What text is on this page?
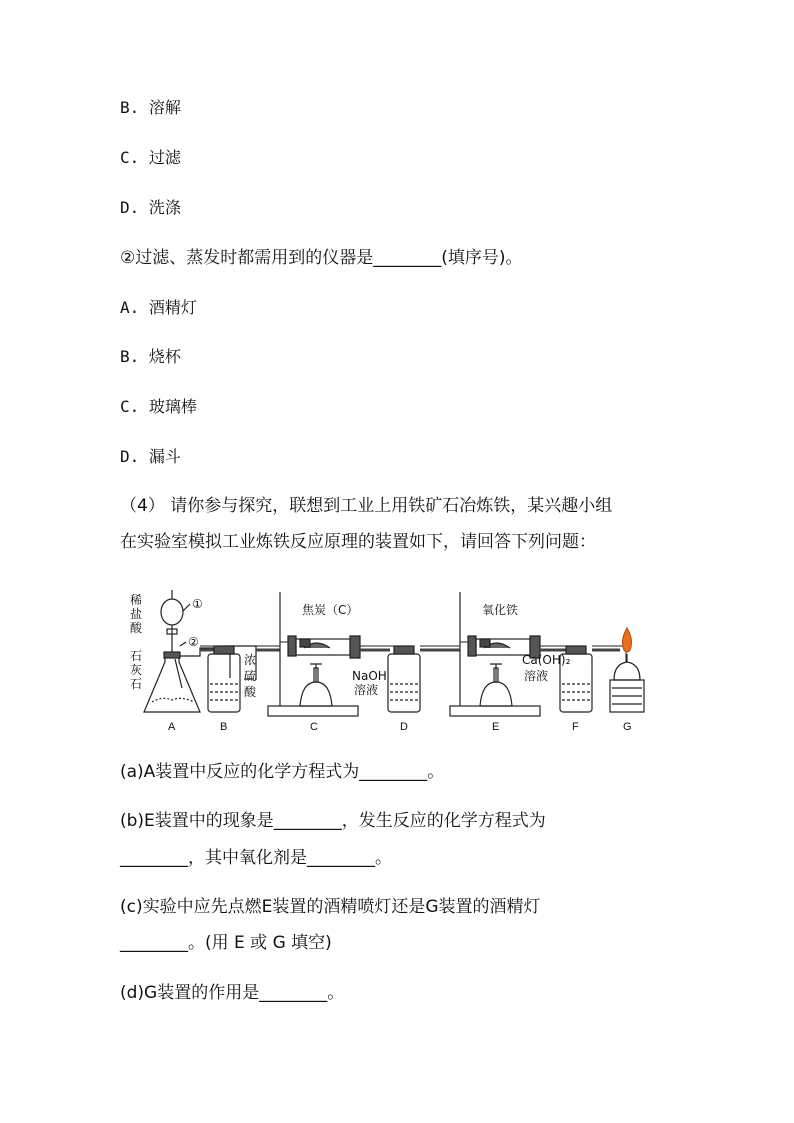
B. 溶解
C. 过滤
D. 洗涤
②过滤、蒸发时都需用到的仪器是________(填序号)。
A. 酒精灯
B. 烧杯
C. 玻璃棒
D. 漏斗
（4） 请你参与探究，联想到工业上用铁矿石冶炼铁，某兴趣小组
在实验室模拟工业炼铁反应原理的装置如下，请回答下列问题：
稀
盐
酸
①
②
石
灰
石
浓
硫
酸
焦炭（C）
NaOH
溶液
氧化铁
Ca(OH)₂
溶液
A	B	C	D	E	F	G
(a)A装置中反应的化学方程式为________。
(b)E装置中的现象是________，发生反应的化学方程式为
________，其中氧化剂是________。
(c)实验中应先点燃E装置的酒精喷灯还是G装置的酒精灯
________。(用 E 或 G 填空)
(d)G装置的作用是________。
